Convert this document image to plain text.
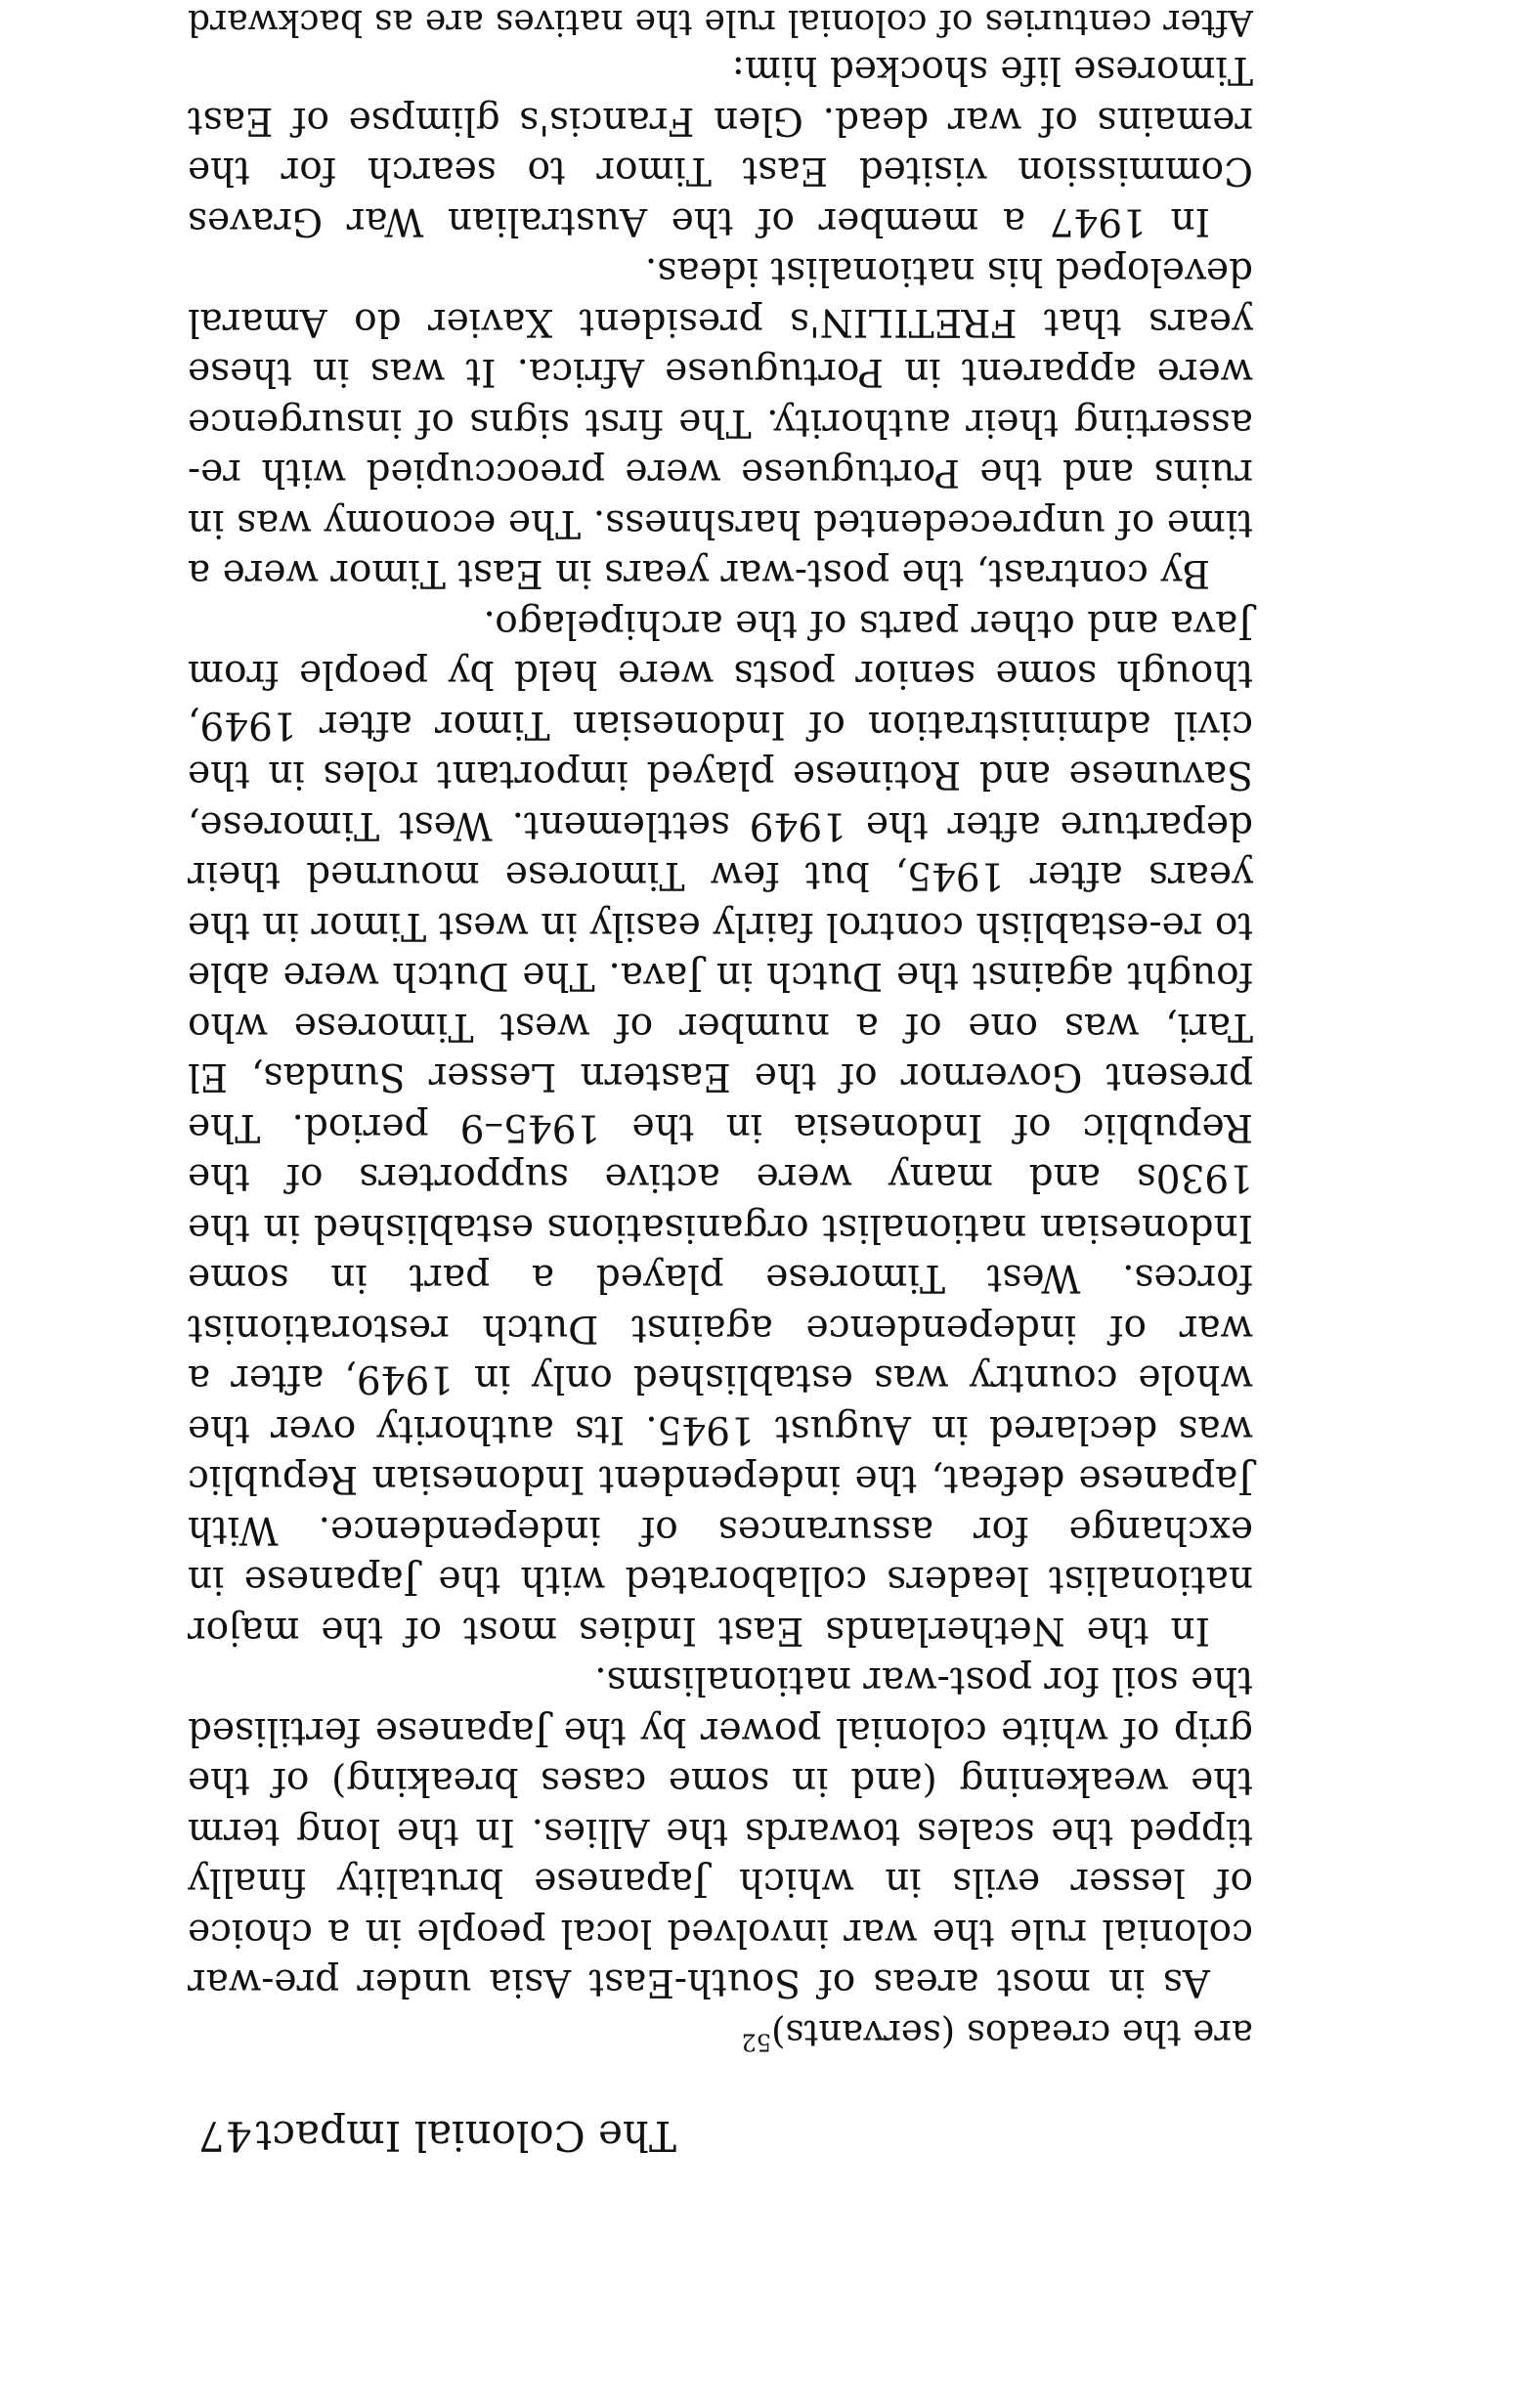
The Colonial Impact
47

are the creados (servants)$^{52}$

As in most areas of South-East Asia under pre-war colonial rule the war involved local people in a choice of lesser evils in which Japanese brutality finally tipped the scales towards the Allies. In the long term the weakening (and in some cases breaking) of the grip of white colonial power by the Japanese fertilised the soil for post-war nationalisms.

In the Netherlands East Indies most of the major nationalist leaders collaborated with the Japanese in exchange for assurances of independence. With Japanese defeat, the independent Indonesian Republic was declared in August 1945. Its authority over the whole country was established only in 1949, after a war of independence against Dutch restorationist forces. West Timorese played a part in some Indonesian nationalist organisations established in the 1930s and many were active supporters of the Republic of Indonesia in the 1945–9 period. The present Governor of the Eastern Lesser Sundas, El Tari, was one of a number of west Timorese who fought against the Dutch in Java. The Dutch were able to re-establish control fairly easily in west Timor in the years after 1945, but few Timorese mourned their departure after the 1949 settlement. West Timorese, Savunese and Rotinese played important roles in the civil administration of Indonesian Timor after 1949, though some senior posts were held by people from Java and other parts of the archipelago.

By contrast, the post-war years in East Timor were a time of unprecedented harshness. The economy was in ruins and the Portuguese were preoccupied with re-asserting their authority. The first signs of insurgence were apparent in Portuguese Africa. It was in these years that FRETILIN's president Xavier do Amaral developed his nationalist ideas.

In 1947 a member of the Australian War Graves Commission visited East Timor to search for the remains of war dead. Glen Francis's glimpse of East Timorese life shocked him:

After centuries of colonial rule the natives are as backward
